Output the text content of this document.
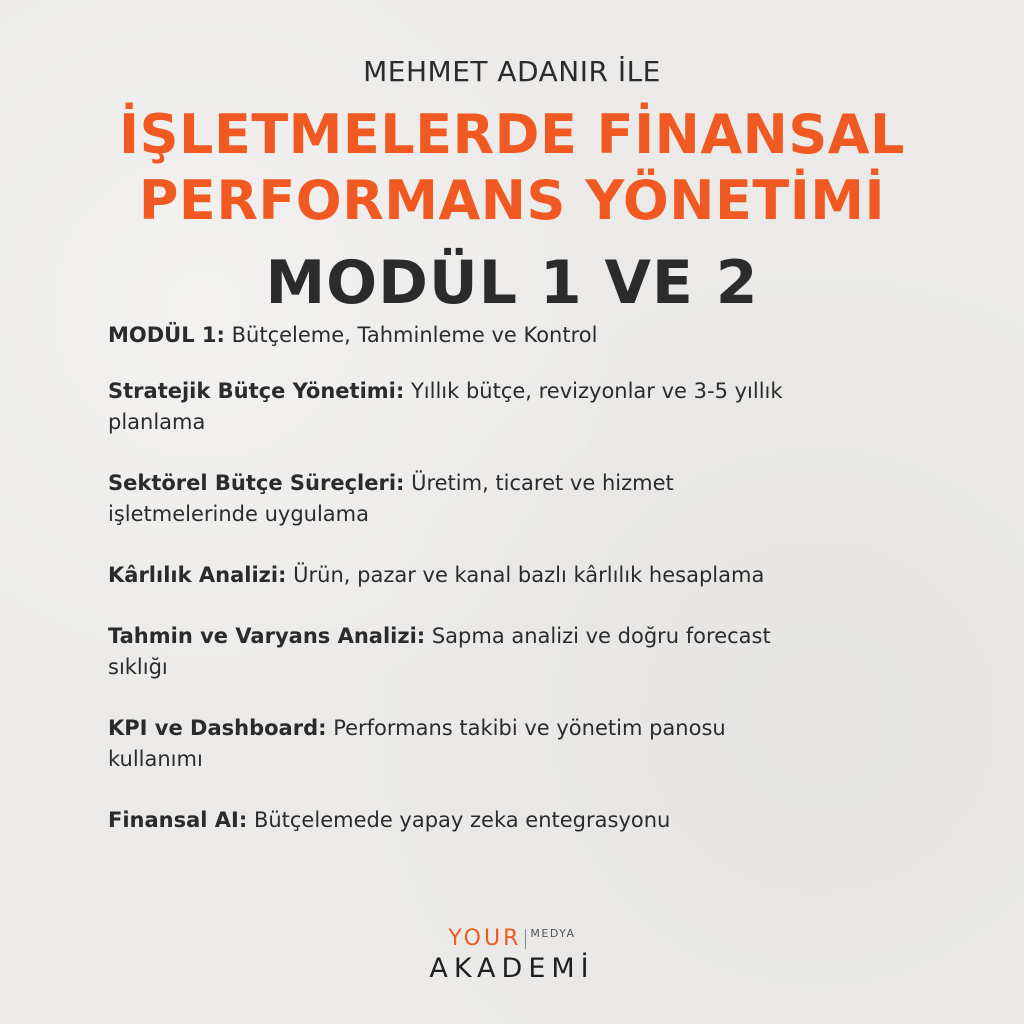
MEHMET ADANIR İLE
İŞLETMELERDE FİNANSAL
PERFORMANS YÖNETİMİ
MODÜL 1 VE 2

MODÜL 1: Bütçeleme, Tahminleme ve Kontrol

Stratejik Bütçe Yönetimi: Yıllık bütçe, revizyonlar ve 3-5 yıllık planlama

Sektörel Bütçe Süreçleri: Üretim, ticaret ve hizmet işletmelerinde uygulama

Kârlılık Analizi: Ürün, pazar ve kanal bazlı kârlılık hesaplama

Tahmin ve Varyans Analizi: Sapma analizi ve doğru forecast sıklığı

KPI ve Dashboard: Performans takibi ve yönetim panosu kullanımı

Finansal AI: Bütçelemede yapay zeka entegrasyonu

YOUR MEDYA
AKADEMİ
